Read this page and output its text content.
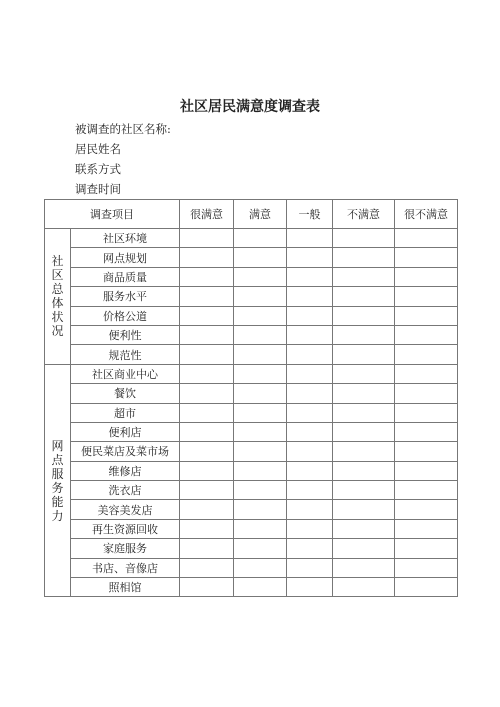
社区居民满意度调查表
被调查的社区名称:
居民姓名
联系方式
调查时间
调查项目		很满意	满意	一般	不满意	很不满意
社区总体状况	社区环境					
	网点规划					
	商品质量					
	服务水平					
	价格公道					
	便利性					
	规范性					
网点服务能力	社区商业中心					
	餐饮					
	超市					
	便利店					
	便民菜店及菜市场					
	维修店					
	洗衣店					
	美容美发店					
	再生资源回收					
	家庭服务					
	书店、音像店					
	照相馆					
